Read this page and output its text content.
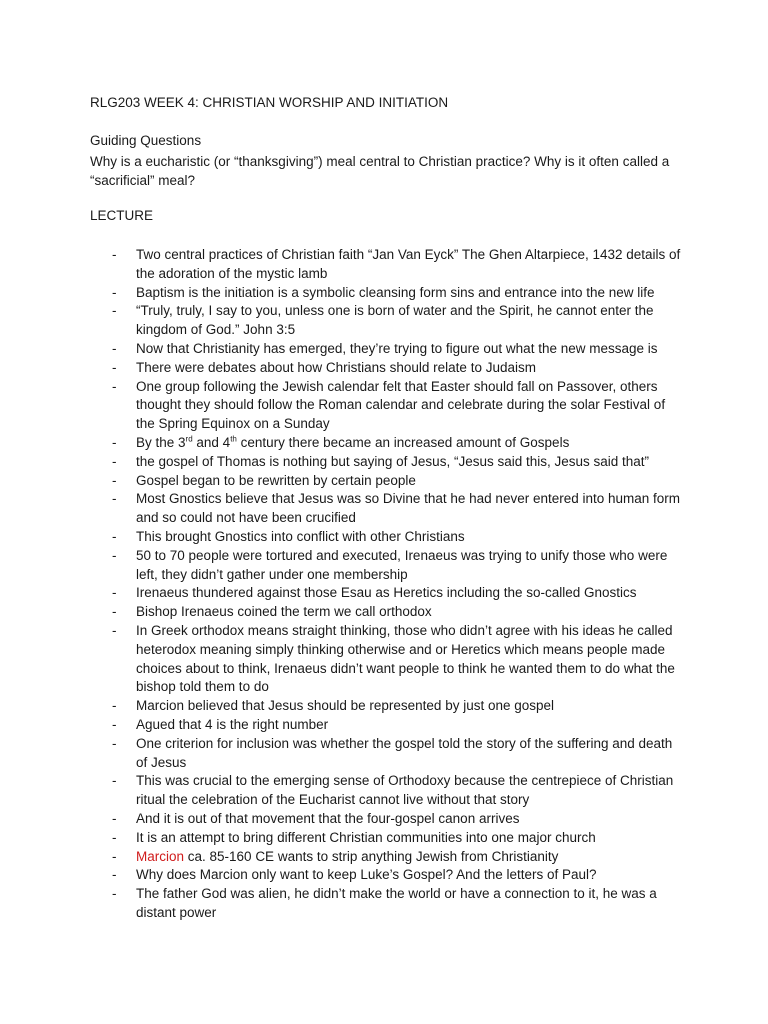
RLG203 WEEK 4: CHRISTIAN WORSHIP AND INITIATION
Guiding Questions
Why is a eucharistic (or “thanksgiving”) meal central to Christian practice? Why is it often called a “sacrificial” meal?
LECTURE
- Two central practices of Christian faith “Jan Van Eyck” The Ghen Altarpiece, 1432 details of the adoration of the mystic lamb
- Baptism is the initiation is a symbolic cleansing form sins and entrance into the new life
- “Truly, truly, I say to you, unless one is born of water and the Spirit, he cannot enter the kingdom of God.” John 3:5
- Now that Christianity has emerged, they’re trying to figure out what the new message is
- There were debates about how Christians should relate to Judaism
- One group following the Jewish calendar felt that Easter should fall on Passover, others thought they should follow the Roman calendar and celebrate during the solar Festival of the Spring Equinox on a Sunday
- By the 3rd and 4th century there became an increased amount of Gospels
- the gospel of Thomas is nothing but saying of Jesus, “Jesus said this, Jesus said that”
- Gospel began to be rewritten by certain people
- Most Gnostics believe that Jesus was so Divine that he had never entered into human form and so could not have been crucified
- This brought Gnostics into conflict with other Christians
- 50 to 70 people were tortured and executed, Irenaeus was trying to unify those who were left, they didn’t gather under one membership
- Irenaeus thundered against those Esau as Heretics including the so-called Gnostics
- Bishop Irenaeus coined the term we call orthodox
- In Greek orthodox means straight thinking, those who didn’t agree with his ideas he called heterodox meaning simply thinking otherwise and or Heretics which means people made choices about to think, Irenaeus didn’t want people to think he wanted them to do what the bishop told them to do
- Marcion believed that Jesus should be represented by just one gospel
- Agued that 4 is the right number
- One criterion for inclusion was whether the gospel told the story of the suffering and death of Jesus
- This was crucial to the emerging sense of Orthodoxy because the centrepiece of Christian ritual the celebration of the Eucharist cannot live without that story
- And it is out of that movement that the four-gospel canon arrives
- It is an attempt to bring different Christian communities into one major church
- Marcion ca. 85-160 CE wants to strip anything Jewish from Christianity
- Why does Marcion only want to keep Luke’s Gospel? And the letters of Paul?
- The father God was alien, he didn’t make the world or have a connection to it, he was a distant power
